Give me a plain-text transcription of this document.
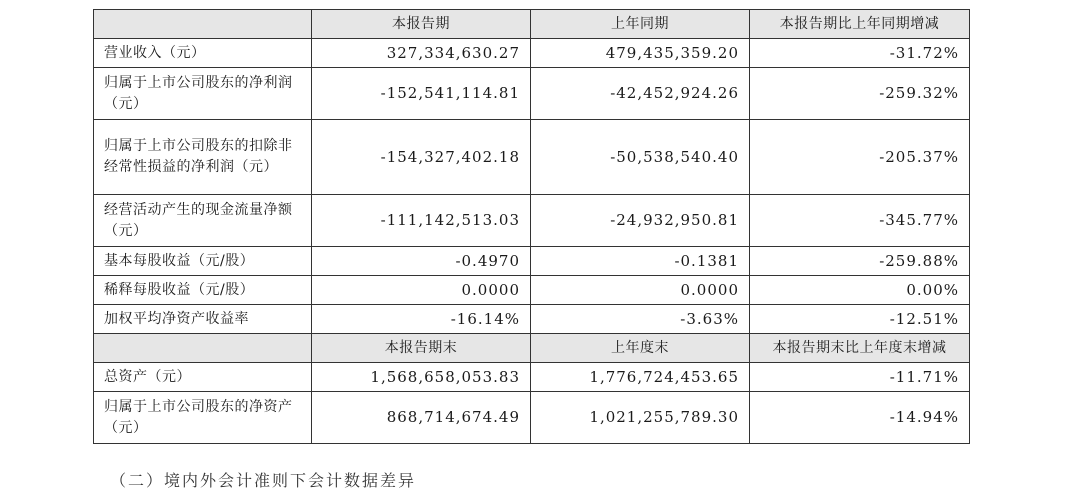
	本报告期	上年同期	本报告期比上年同期增减
营业收入（元）	327,334,630.27	479,435,359.20	-31.72%
归属于上市公司股东的净利润（元）	-152,541,114.81	-42,452,924.26	-259.32%
归属于上市公司股东的扣除非经常性损益的净利润（元）	-154,327,402.18	-50,538,540.40	-205.37%
经营活动产生的现金流量净额（元）	-111,142,513.03	-24,932,950.81	-345.77%
基本每股收益（元/股）	-0.4970	-0.1381	-259.88%
稀释每股收益（元/股）	0.0000	0.0000	0.00%
加权平均净资产收益率	-16.14%	-3.63%	-12.51%
	本报告期末	上年度末	本报告期末比上年度末增减
总资产（元）	1,568,658,053.83	1,776,724,453.65	-11.71%
归属于上市公司股东的净资产（元）	868,714,674.49	1,021,255,789.30	-14.94%
（二）境内外会计准则下会计数据差异
